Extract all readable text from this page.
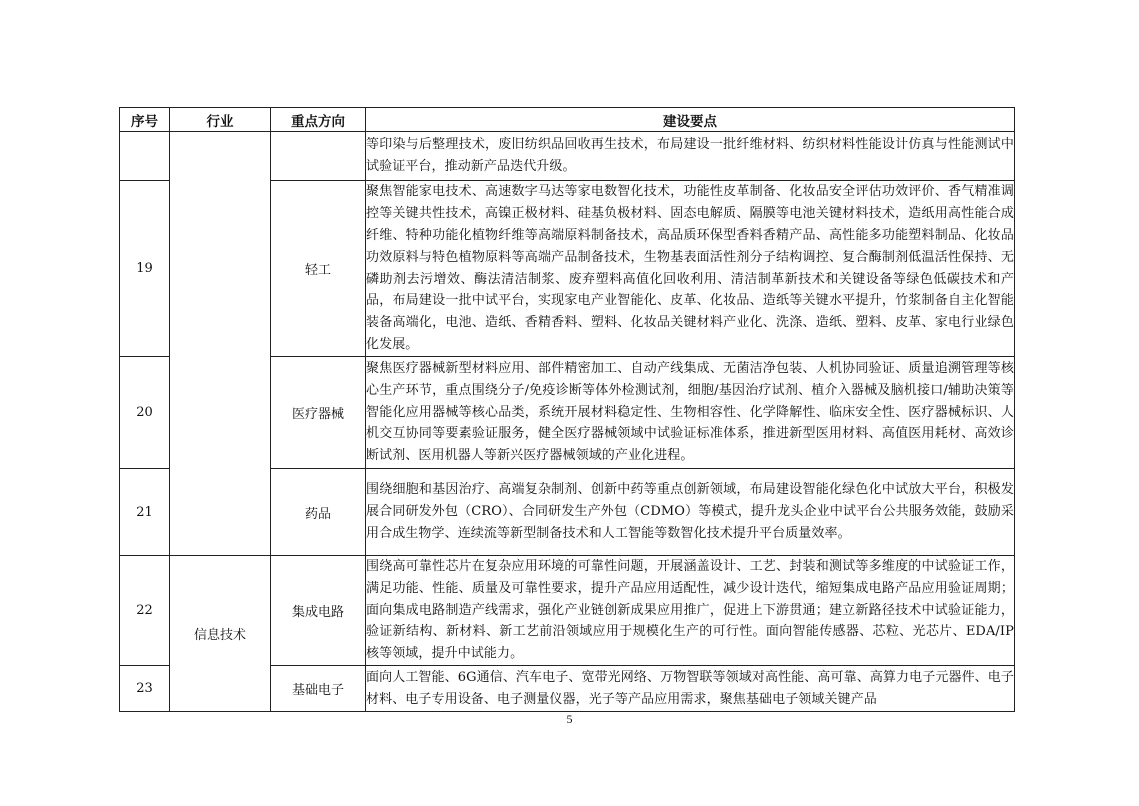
序号	行业	重点方向	建设要点
			等印染与后整理技术，废旧纺织品回收再生技术，布局建设一批纤维材料、纺织材料性能设计仿真与性能测试中试验证平台，推动新产品迭代升级。
19		轻工	聚焦智能家电技术、高速数字马达等家电数智化技术，功能性皮革制备、化妆品安全评估功效评价、香气精准调控等关键共性技术，高镍正极材料、硅基负极材料、固态电解质、隔膜等电池关键材料技术，造纸用高性能合成纤维、特种功能化植物纤维等高端原料制备技术，高品质环保型香料香精产品、高性能多功能塑料制品、化妆品功效原料与特色植物原料等高端产品制备技术，生物基表面活性剂分子结构调控、复合酶制剂低温活性保持、无磷助剂去污增效、酶法清洁制浆、废弃塑料高值化回收利用、清洁制革新技术和关键设备等绿色低碳技术和产品，布局建设一批中试平台，实现家电产业智能化、皮革、化妆品、造纸等关键水平提升，竹浆制备自主化智能装备高端化，电池、造纸、香精香料、塑料、化妆品关键材料产业化、洗涤、造纸、塑料、皮革、家电行业绿色化发展。
20		医疗器械	聚焦医疗器械新型材料应用、部件精密加工、自动产线集成、无菌洁净包装、人机协同验证、质量追溯管理等核心生产环节，重点围绕分子/免疫诊断等体外检测试剂，细胞/基因治疗试剂、植介入器械及脑机接口/辅助决策等智能化应用器械等核心品类，系统开展材料稳定性、生物相容性、化学降解性、临床安全性、医疗器械标识、人机交互协同等要素验证服务，健全医疗器械领域中试验证标准体系，推进新型医用材料、高值医用耗材、高效诊断试剂、医用机器人等新兴医疗器械领域的产业化进程。
21		药品	围绕细胞和基因治疗、高端复杂制剂、创新中药等重点创新领域，布局建设智能化绿色化中试放大平台，积极发展合同研发外包（CRO）、合同研发生产外包（CDMO）等模式，提升龙头企业中试平台公共服务效能，鼓励采用合成生物学、连续流等新型制备技术和人工智能等数智化技术提升平台质量效率。
22	信息技术	集成电路	围绕高可靠性芯片在复杂应用环境的可靠性问题，开展涵盖设计、工艺、封装和测试等多维度的中试验证工作，满足功能、性能、质量及可靠性要求，提升产品应用适配性，减少设计迭代，缩短集成电路产品应用验证周期；面向集成电路制造产线需求，强化产业链创新成果应用推广，促进上下游贯通；建立新路径技术中试验证能力，验证新结构、新材料、新工艺前沿领域应用于规模化生产的可行性。面向智能传感器、芯粒、光芯片、EDA/IP核等领域，提升中试能力。
23		基础电子	面向人工智能、6G通信、汽车电子、宽带光网络、万物智联等领域对高性能、高可靠、高算力电子元器件、电子材料、电子专用设备、电子测量仪器，光子等产品应用需求，聚焦基础电子领域关键产品
5
